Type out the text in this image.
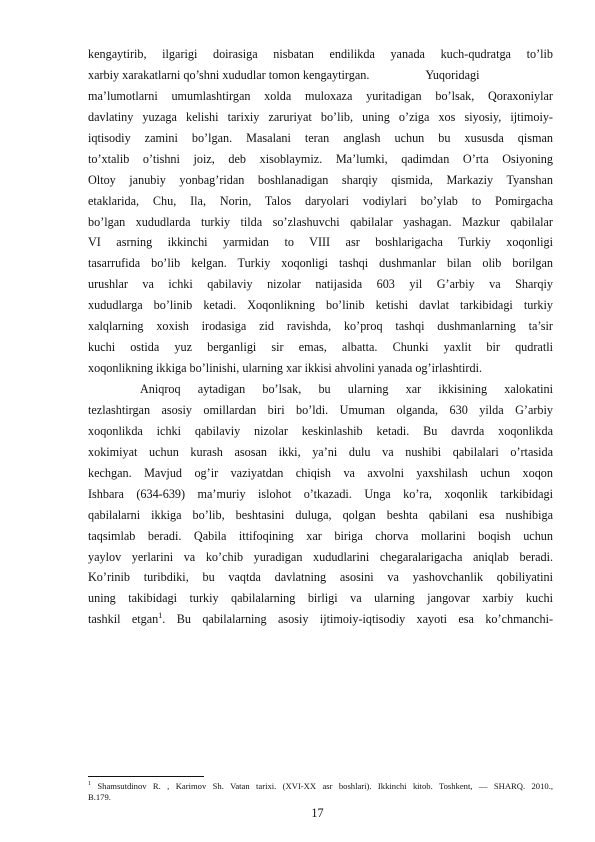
kengaytirib, ilgarigi doirasiga nisbatan endilikda yanada kuch-qudratga to’lib
xarbiy xarakatlarni qo’shni xududlar tomon kengaytirgan.	Yuqoridagi
ma’lumotlarni umumlashtirgan xolda muloxaza yuritadigan bo’lsak, Qoraxoniylar
davlatiny yuzaga kelishi tarixiy zaruriyat bo’lib, uning o’ziga xos siyosiy, ijtimoiy-
iqtisodiy zamini bo’lgan. Masalani teran anglash uchun bu xususda qisman
to’xtalib o’tishni joiz, deb xisoblaymiz. Ma’lumki, qadimdan O’rta Osiyoning
Oltoy janubiy yonbag’ridan boshlanadigan sharqiy qismida, Markaziy Tyanshan
etaklarida, Chu, Ila, Norin, Talos daryolari vodiylari bo’ylab to Pomirgacha
bo’lgan xududlarda turkiy tilda so’zlashuvchi qabilalar yashagan. Mazkur qabilalar
VI asrning ikkinchi yarmidan to VIII asr boshlarigacha Turkiy xoqonligi
tasarrufida bo’lib kelgan. Turkiy xoqonligi tashqi dushmanlar bilan olib borilgan
urushlar va ichki qabilaviy nizolar natijasida 603 yil G’arbiy va Sharqiy
xududlarga bo’linib ketadi. Xoqonlikning bo’linib ketishi davlat tarkibidagi turkiy
xalqlarning xoxish irodasiga zid ravishda, ko’proq tashqi dushmanlarning ta’sir
kuchi ostida yuz berganligi sir emas, albatta. Chunki yaxlit bir qudratli
xoqonlikning ikkiga bo’linishi, ularning xar ikkisi ahvolini yanada og’irlashtirdi.
Aniqroq aytadigan bo’lsak, bu ularning xar ikkisining xalokatini
tezlashtirgan asosiy omillardan biri bo’ldi. Umuman olganda, 630 yilda G’arbiy
xoqonlikda ichki qabilaviy nizolar keskinlashib ketadi. Bu davrda xoqonlikda
xokimiyat uchun kurash asosan ikki, ya’ni dulu va nushibi qabilalari o’rtasida
kechgan. Mavjud og’ir vaziyatdan chiqish va axvolni yaxshilash uchun xoqon
Ishbara (634-639) ma’muriy islohot o’tkazadi. Unga ko’ra, xoqonlik tarkibidagi
qabilalarni ikkiga bo’lib, beshtasini duluga, qolgan beshta qabilani esa nushibiga
taqsimlab beradi. Qabila ittifoqining xar biriga chorva mollarini boqish uchun
yaylov yerlarini va ko’chib yuradigan xududlarini chegaralarigacha aniqlab beradi.
Ko’rinib turibdiki, bu vaqtda davlatning asosini va yashovchanlik qobiliyatini
uning takibidagi turkiy qabilalarning birligi va ularning jangovar xarbiy kuchi
tashkil etgan$^1$. Bu qabilalarning asosiy ijtimoiy-iqtisodiy xayoti esa ko’chmanchi-
$^1$ Shamsutdinov R. , Karimov Sh. Vatan tarixi. (XVI-XX asr boshlari). Ikkinchi kitob. Toshkent, ― SHARQ. 2010.,
B.179.
17
